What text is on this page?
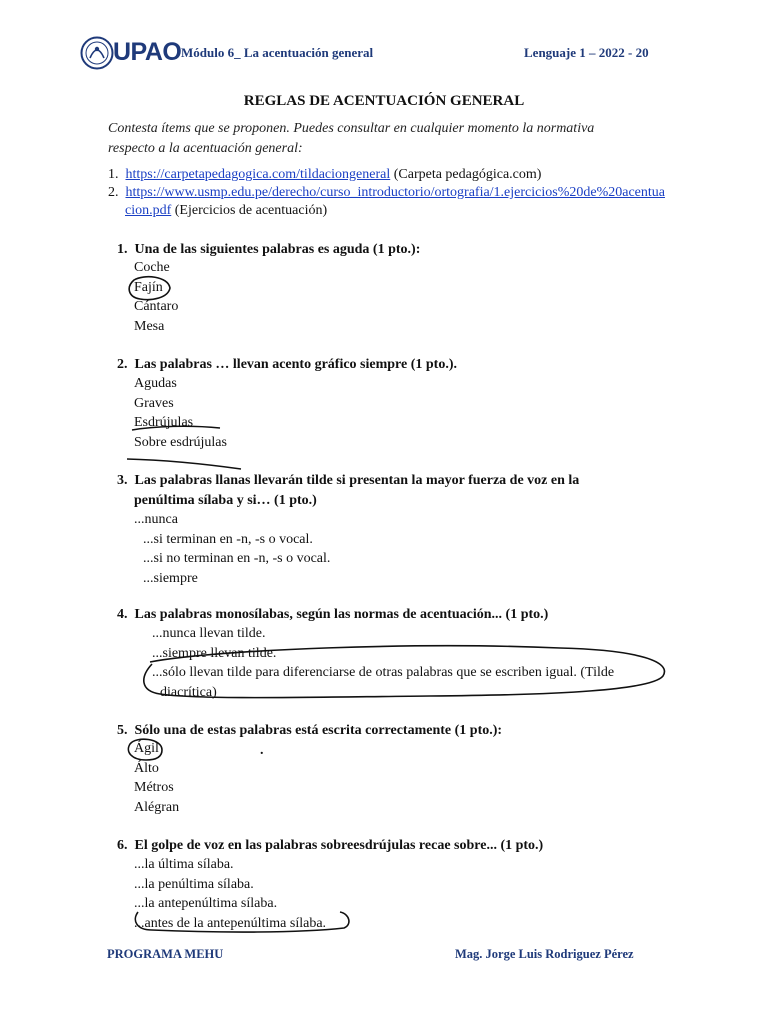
UPAO Módulo 6_ La acentuación general	Lenguaje 1 – 2022 - 20
REGLAS DE ACENTUACIÓN GENERAL
Contesta ítems que se proponen. Puedes consultar en cualquier momento la normativa respecto a la acentuación general:
1. https://carpetapedagogica.com/tildaciongeneral (Carpeta pedagógica.com)
2. https://www.usmp.edu.pe/derecho/curso_introductorio/ortografia/1.ejercicios%20de%20acentua
cion.pdf (Ejercicios de acentuación)
1. Una de las siguientes palabras es aguda (1 pto.):
Coche
Fajín
Cántaro
Mesa
2. Las palabras … llevan acento gráfico siempre (1 pto.).
Agudas
Graves
Esdrújulas
Sobre esdrújulas
3. Las palabras llanas llevarán tilde si presentan la mayor fuerza de voz en la
penúltima sílaba y si… (1 pto.)
...nunca
...si terminan en -n, -s o vocal.
...si no terminan en -n, -s o vocal.
...siempre
4. Las palabras monosílabas, según las normas de acentuación... (1 pto.)
...nunca llevan tilde.
...siempre llevan tilde.
...sólo llevan tilde para diferenciarse de otras palabras que se escriben igual. (Tilde
diacrítica)
5. Sólo una de estas palabras está escrita correctamente (1 pto.):
Ágil
Álto
Métros
Alégran
.
6. El golpe de voz en las palabras sobreesdrújulas recae sobre... (1 pto.)
...la última sílaba.
...la penúltima sílaba.
...la antepenúltima sílaba.
...antes de la antepenúltima sílaba.
PROGRAMA MEHU	Mag. Jorge Luis Rodriguez Pérez
